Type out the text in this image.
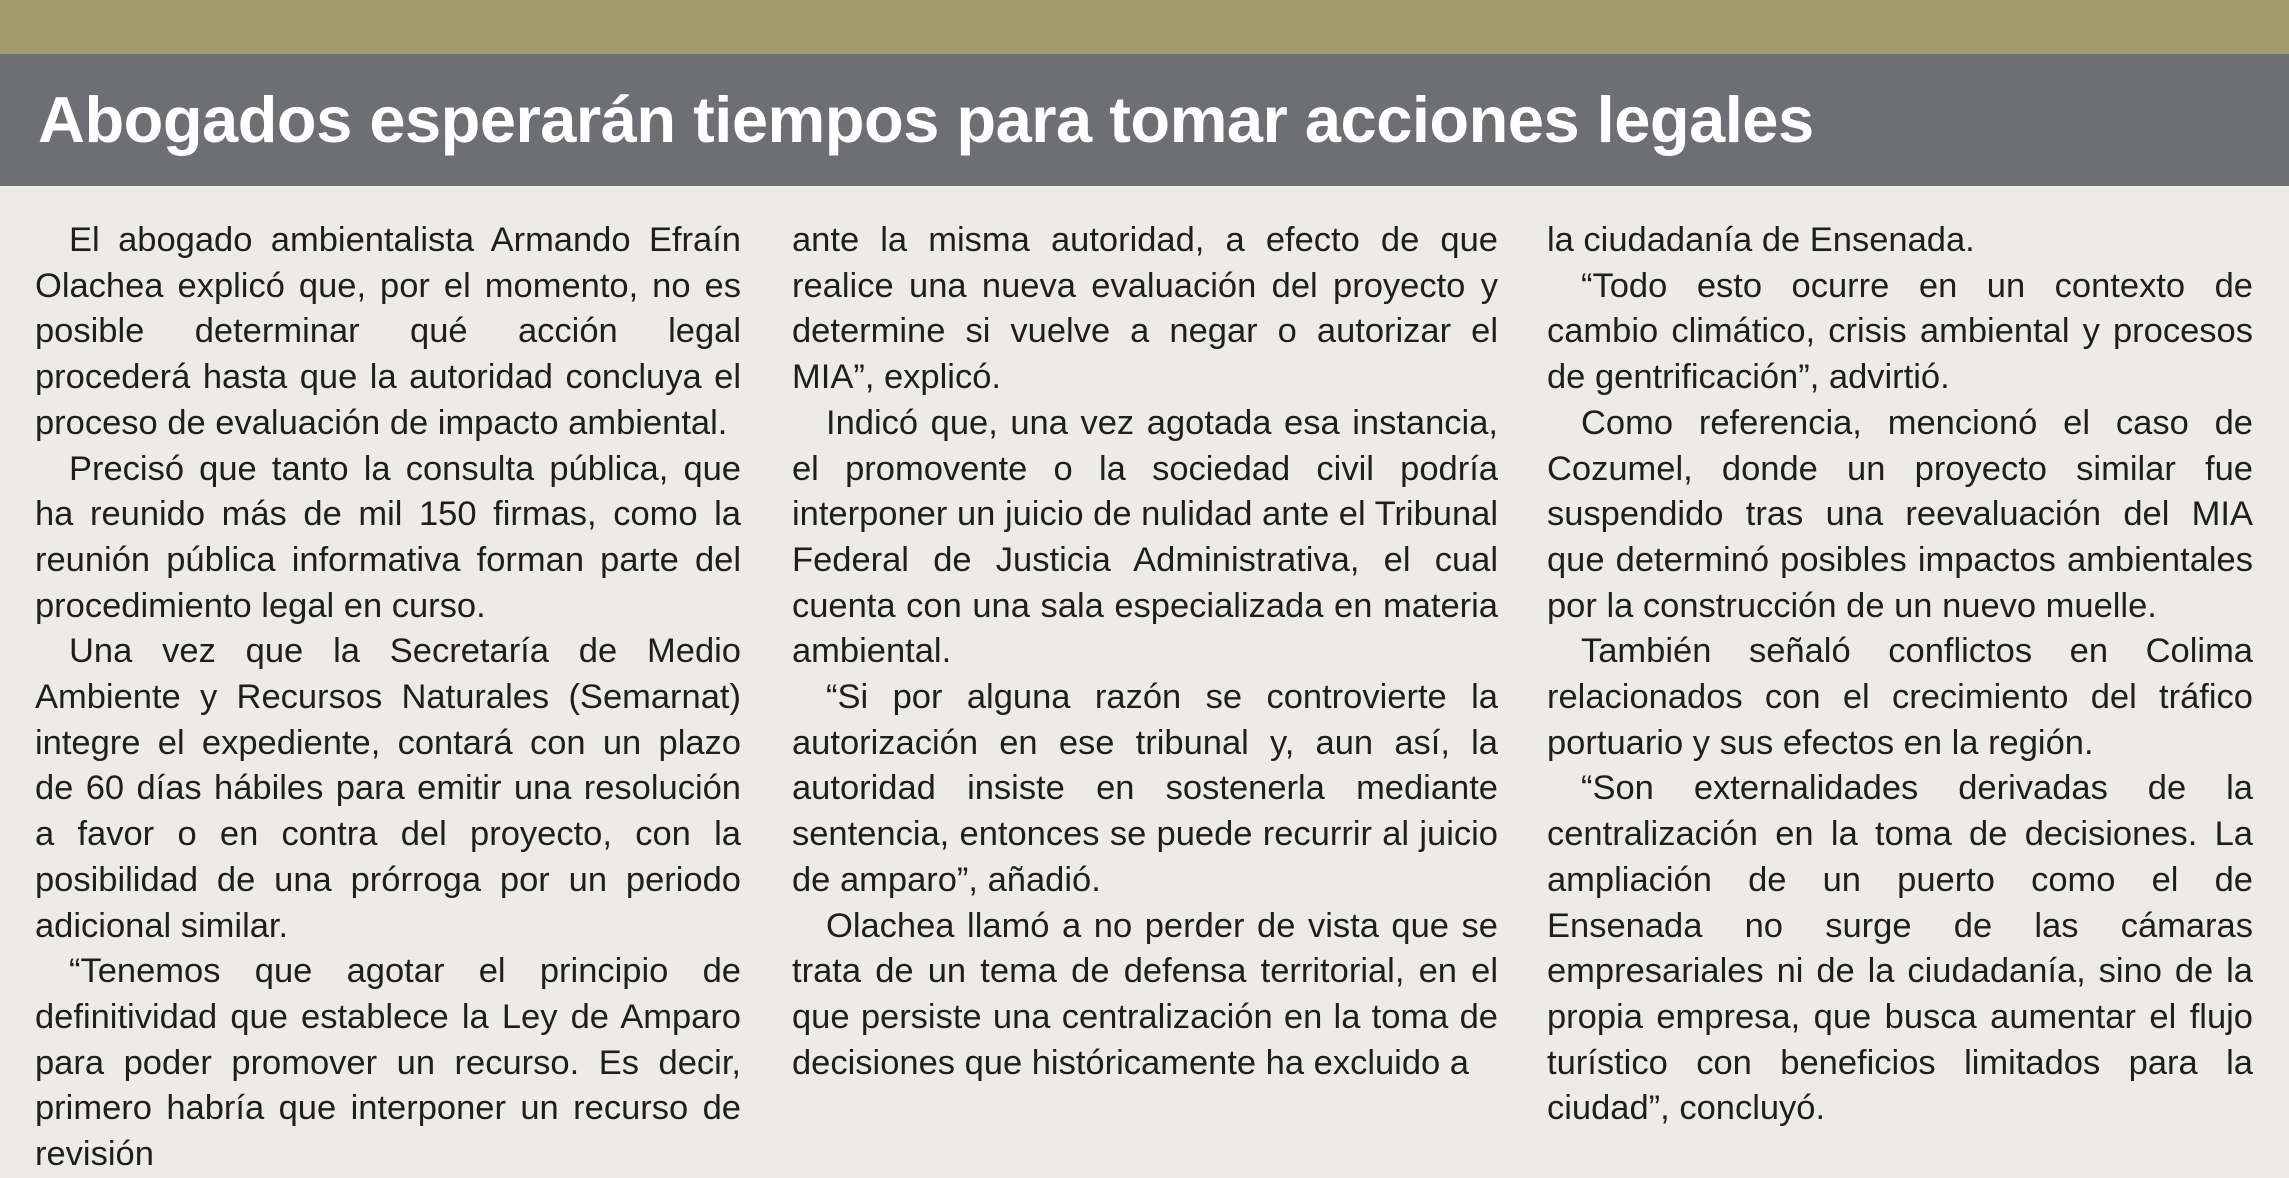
Abogados esperarán tiempos para tomar acciones legales

El abogado ambientalista Armando Efraín Olachea explicó que, por el momento, no es posible determinar qué acción legal procederá hasta que la autoridad concluya el proceso de evaluación de impacto ambiental.

Precisó que tanto la consulta pública, que ha reunido más de mil 150 firmas, como la reunión pública informativa forman parte del procedimiento legal en curso.

Una vez que la Secretaría de Medio Ambiente y Recursos Naturales (Semarnat) integre el expediente, contará con un plazo de 60 días hábiles para emitir una resolución a favor o en contra del proyecto, con la posibilidad de una prórroga por un periodo adicional similar.

“Tenemos que agotar el principio de definitividad que establece la Ley de Amparo para poder promover un recurso. Es decir, primero habría que interponer un recurso de revisión

ante la misma autoridad, a efecto de que realice una nueva evaluación del proyecto y determine si vuelve a negar o autorizar el MIA”, explicó.

Indicó que, una vez agotada esa instancia, el promovente o la sociedad civil podría interponer un juicio de nulidad ante el Tribunal Federal de Justicia Administrativa, el cual cuenta con una sala especializada en materia ambiental.

“Si por alguna razón se controvierte la autorización en ese tribunal y, aun así, la autoridad insiste en sostenerla mediante sentencia, entonces se puede recurrir al juicio de amparo”, añadió.

Olachea llamó a no perder de vista que se trata de un tema de defensa territorial, en el que persiste una centralización en la toma de decisiones que históricamente ha excluido a

la ciudadanía de Ensenada.

“Todo esto ocurre en un contexto de cambio climático, crisis ambiental y procesos de gentrificación”, advirtió.

Como referencia, mencionó el caso de Cozumel, donde un proyecto similar fue suspendido tras una reevaluación del MIA que determinó posibles impactos ambientales por la construcción de un nuevo muelle.

También señaló conflictos en Colima relacionados con el crecimiento del tráfico portuario y sus efectos en la región.

“Son externalidades derivadas de la centralización en la toma de decisiones. La ampliación de un puerto como el de Ensenada no surge de las cámaras empresariales ni de la ciudadanía, sino de la propia empresa, que busca aumentar el flujo turístico con beneficios limitados para la ciudad”, concluyó.
